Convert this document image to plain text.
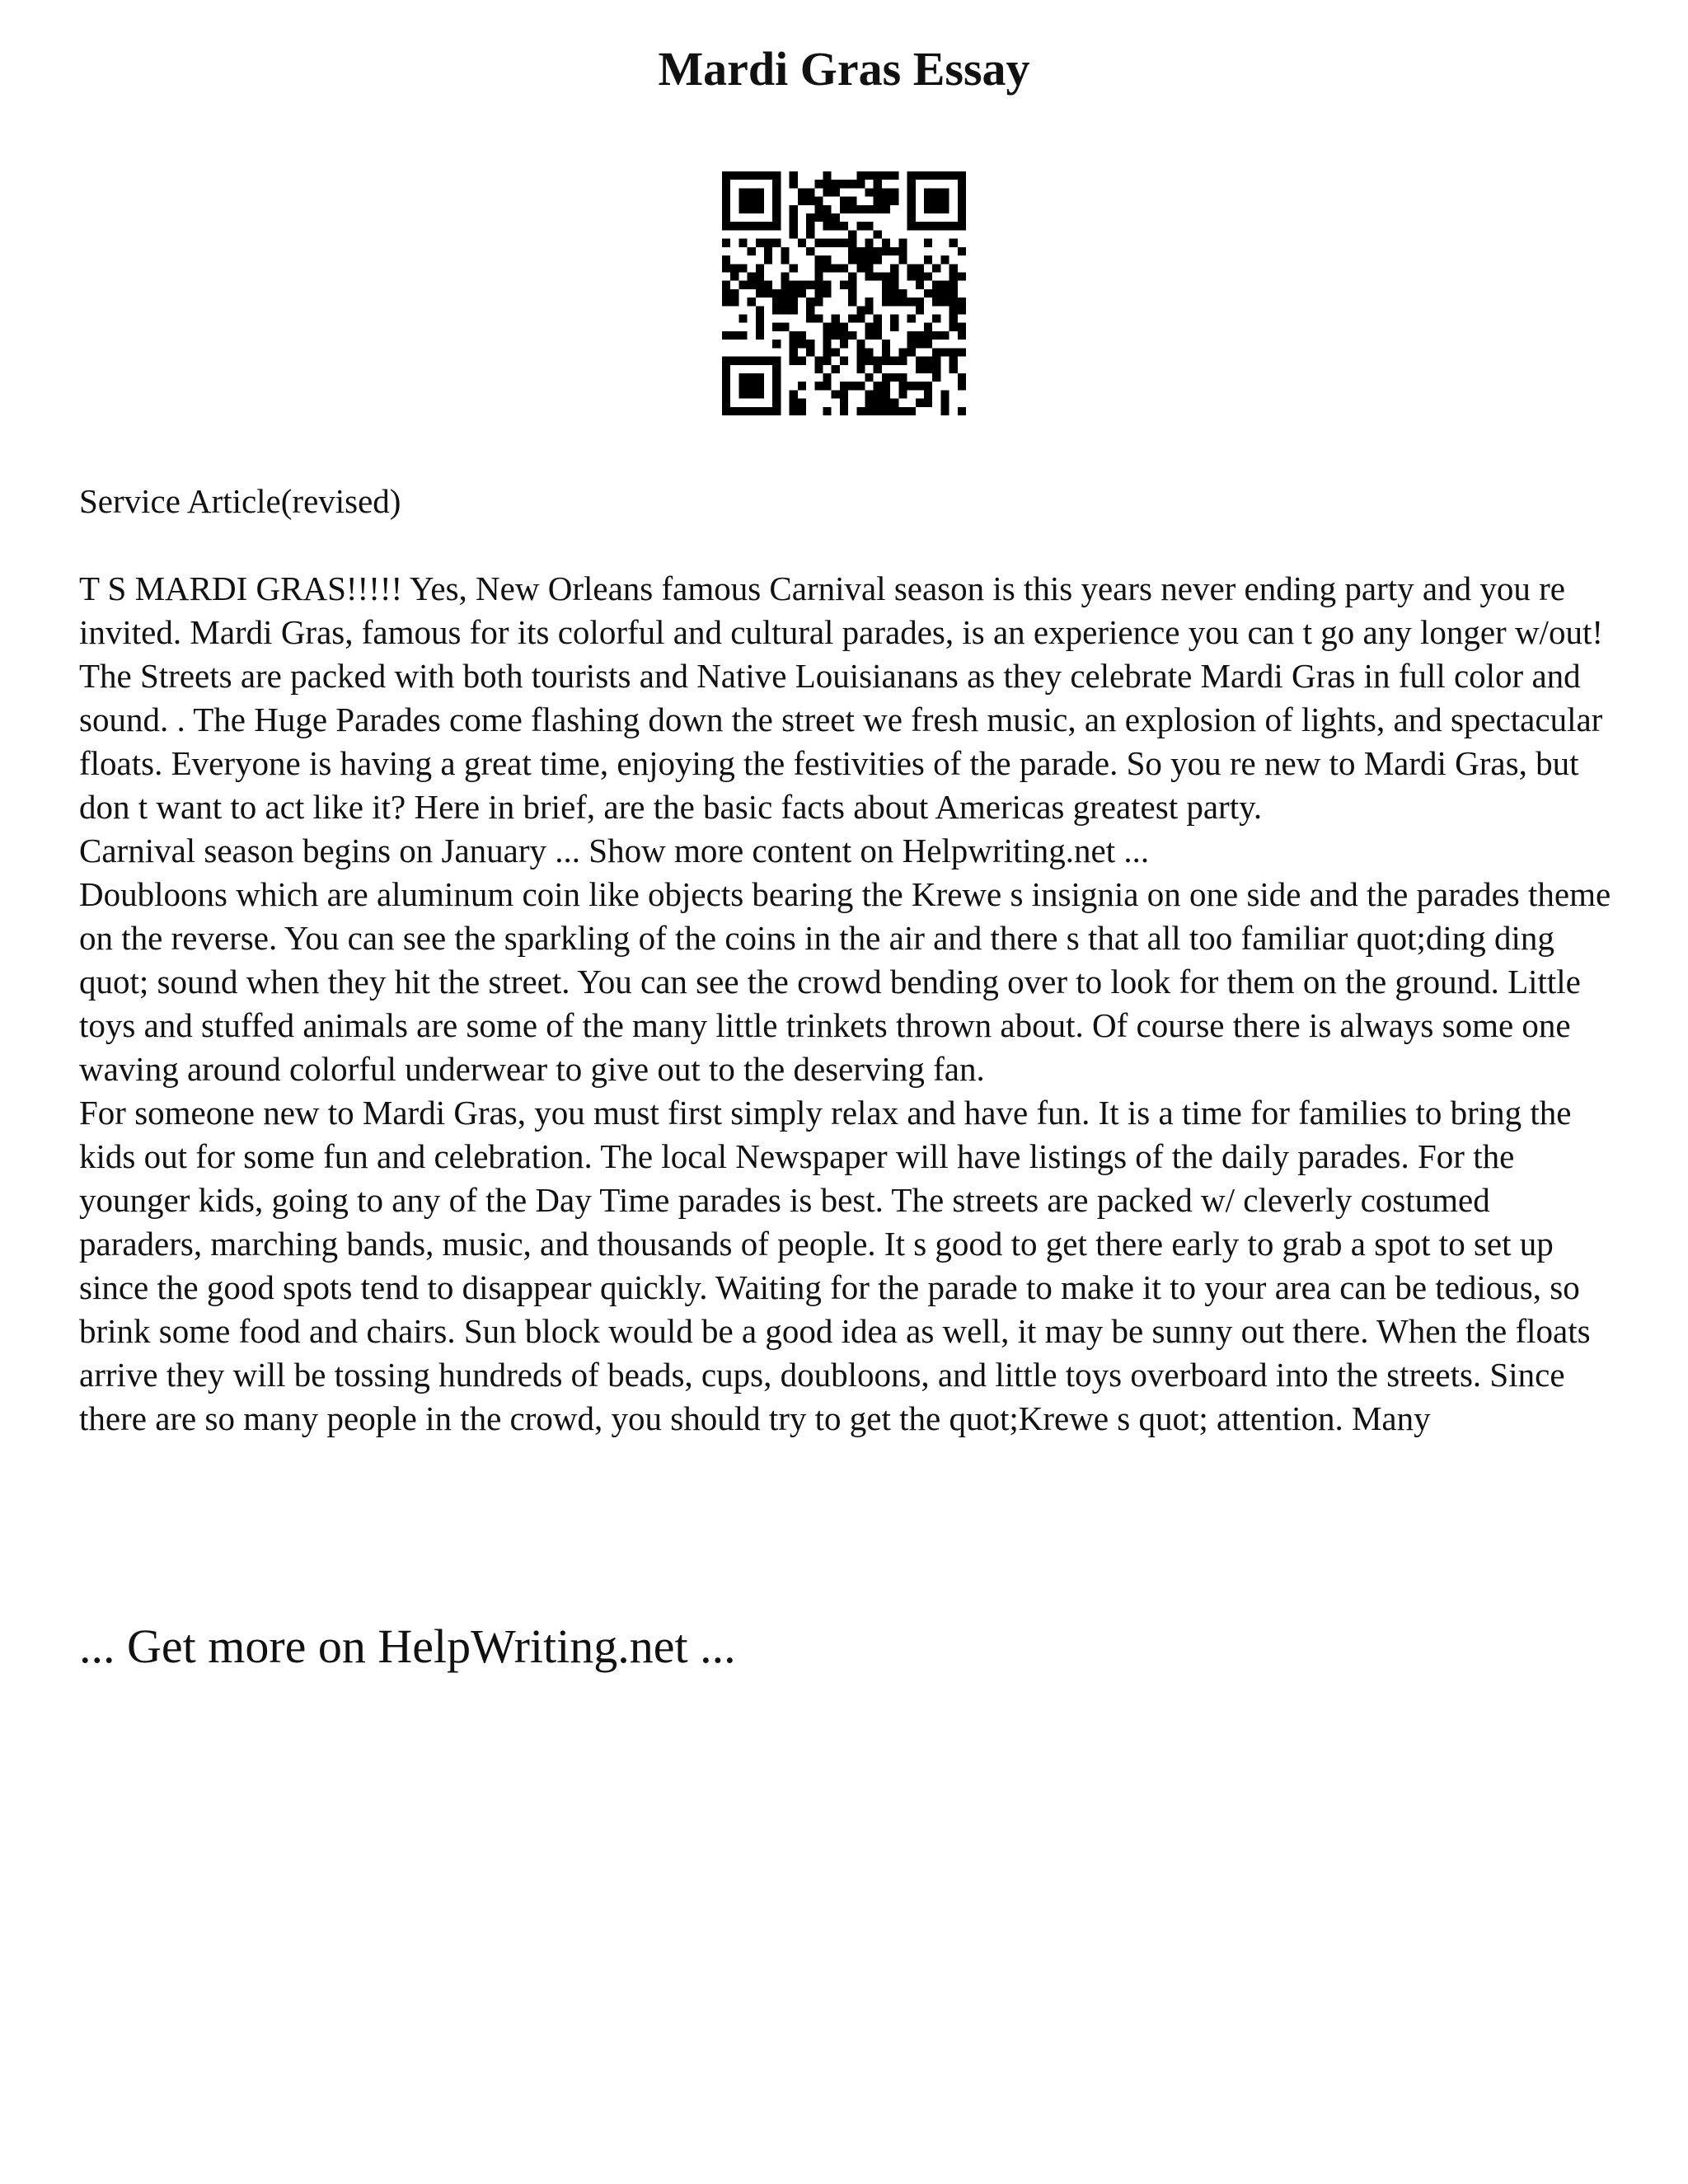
Mardi Gras Essay

Service Article(revised)

T S MARDI GRAS!!!!! Yes, New Orleans famous Carnival season is this years never ending party and you re invited. Mardi Gras, famous for its colorful and cultural parades, is an experience you can t go any longer w/out! The Streets are packed with both tourists and Native Louisianans as they celebrate Mardi Gras in full color and sound. . The Huge Parades come flashing down the street we fresh music, an explosion of lights, and spectacular floats. Everyone is having a great time, enjoying the festivities of the parade. So you re new to Mardi Gras, but don t want to act like it? Here in brief, are the basic facts about Americas greatest party.

Carnival season begins on January ... Show more content on Helpwriting.net ...

Doubloons which are aluminum coin like objects bearing the Krewe s insignia on one side and the parades theme on the reverse. You can see the sparkling of the coins in the air and there s that all too familiar quot;ding ding quot; sound when they hit the street. You can see the crowd bending over to look for them on the ground. Little toys and stuffed animals are some of the many little trinkets thrown about. Of course there is always some one waving around colorful underwear to give out to the deserving fan.

For someone new to Mardi Gras, you must first simply relax and have fun. It is a time for families to bring the kids out for some fun and celebration. The local Newspaper will have listings of the daily parades. For the younger kids, going to any of the Day Time parades is best. The streets are packed w/ cleverly costumed paraders, marching bands, music, and thousands of people. It s good to get there early to grab a spot to set up since the good spots tend to disappear quickly. Waiting for the parade to make it to your area can be tedious, so brink some food and chairs. Sun block would be a good idea as well, it may be sunny out there. When the floats arrive they will be tossing hundreds of beads, cups, doubloons, and little toys overboard into the streets. Since there are so many people in the crowd, you should try to get the quot;Krewe s quot; attention. Many

... Get more on HelpWriting.net ...
